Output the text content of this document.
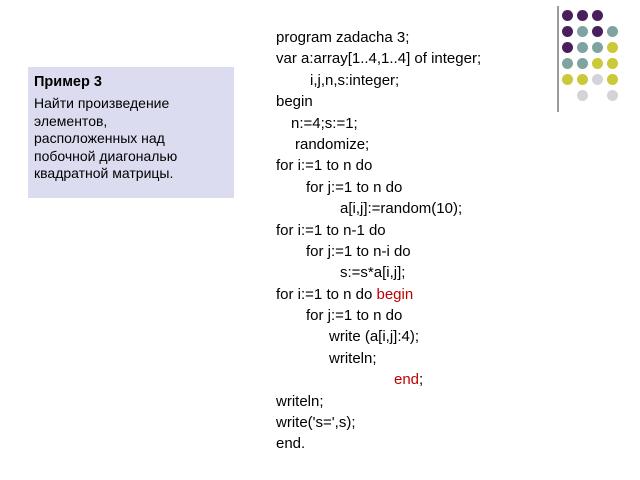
Пример 3

Найти произведение
элементов,
расположенных над
побочной диагональю
квадратной матрицы.

program zadacha 3;
var a:array[1..4,1..4] of integer;
i,j,n,s:integer;
begin
n:=4;s:=1;
randomize;
for i:=1 to n do
for j:=1 to n do
a[i,j]:=random(10);
for i:=1 to n-1 do
for j:=1 to n-i do
s:=s*a[i,j];
for i:=1 to n do begin
for j:=1 to n do
write (a[i,j]:4);
writeln;
end;
writeln;
write('s=',s);
end.
